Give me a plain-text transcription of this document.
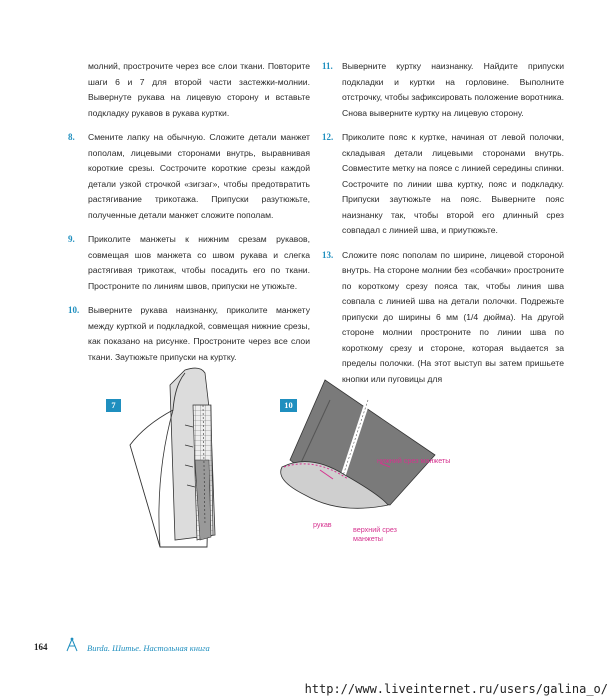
молний, прострочите через все слои ткани. Повторите шаги 6 и 7 для второй части застежки-молнии. Вывернуте рукава на лицевую сторону и вставьте подкладку рукавов в рукава куртки.

8. Смените лапку на обычную. Сложите детали манжет пополам, лицевыми сторонами внутрь, выравнивая короткие срезы. Сострочите короткие срезы каждой детали узкой строчкой «зигзаг», чтобы предотвратить растягивание трикотажа. Припуски разутюжьте, полученные детали манжет сложите пополам.

9. Приколите манжеты к нижним срезам рукавов, совмещая шов манжета со швом рукава и слегка растягивая трикотаж, чтобы посадить его по ткани. Простроните по линиям швов, припуски не утюжьте.

10. Выверните рукава наизнанку, приколите манжету между курткой и подкладкой, совмещая нижние срезы, как показано на рисунке. Простроните через все слои ткани. Заутюжьте припуски на куртку.

11. Выверните куртку наизнанку. Найдите припуски подкладки и куртки на горловине. Выполните отстрочку, чтобы зафиксировать положение воротника. Снова выверните куртку на лицевую сторону.

12. Приколите пояс к куртке, начиная от левой полочки, складывая детали лицевыми сторонами внутрь. Совместите метку на поясе с линией середины спинки. Сострочите по линии шва куртку, пояс и подкладку. Припуски заутюжьте на пояс. Выверните пояс наизнанку так, чтобы второй его длинный срез совпадал с линией шва, и приутюжьте.

13. Сложите пояс пополам по ширине, лицевой стороной внутрь. На стороне молнии без «собачки» простроните по короткому срезу пояса так, чтобы линия шва совпала с линией шва на детали полочки. Подрежьте припуски до ширины 6 мм (1/4 дюйма). На другой стороне молнии простроните по линии шва по короткому срезу и стороне, которая выдается за пределы полочки. (На этот выступ вы затем пришьете кнопки или пуговицы для

7	10
нижний срез манжеты
рукав
верхний срез манжеты
164	Burda. Шитье. Настольная книга
http://www.liveinternet.ru/users/galina_o/
